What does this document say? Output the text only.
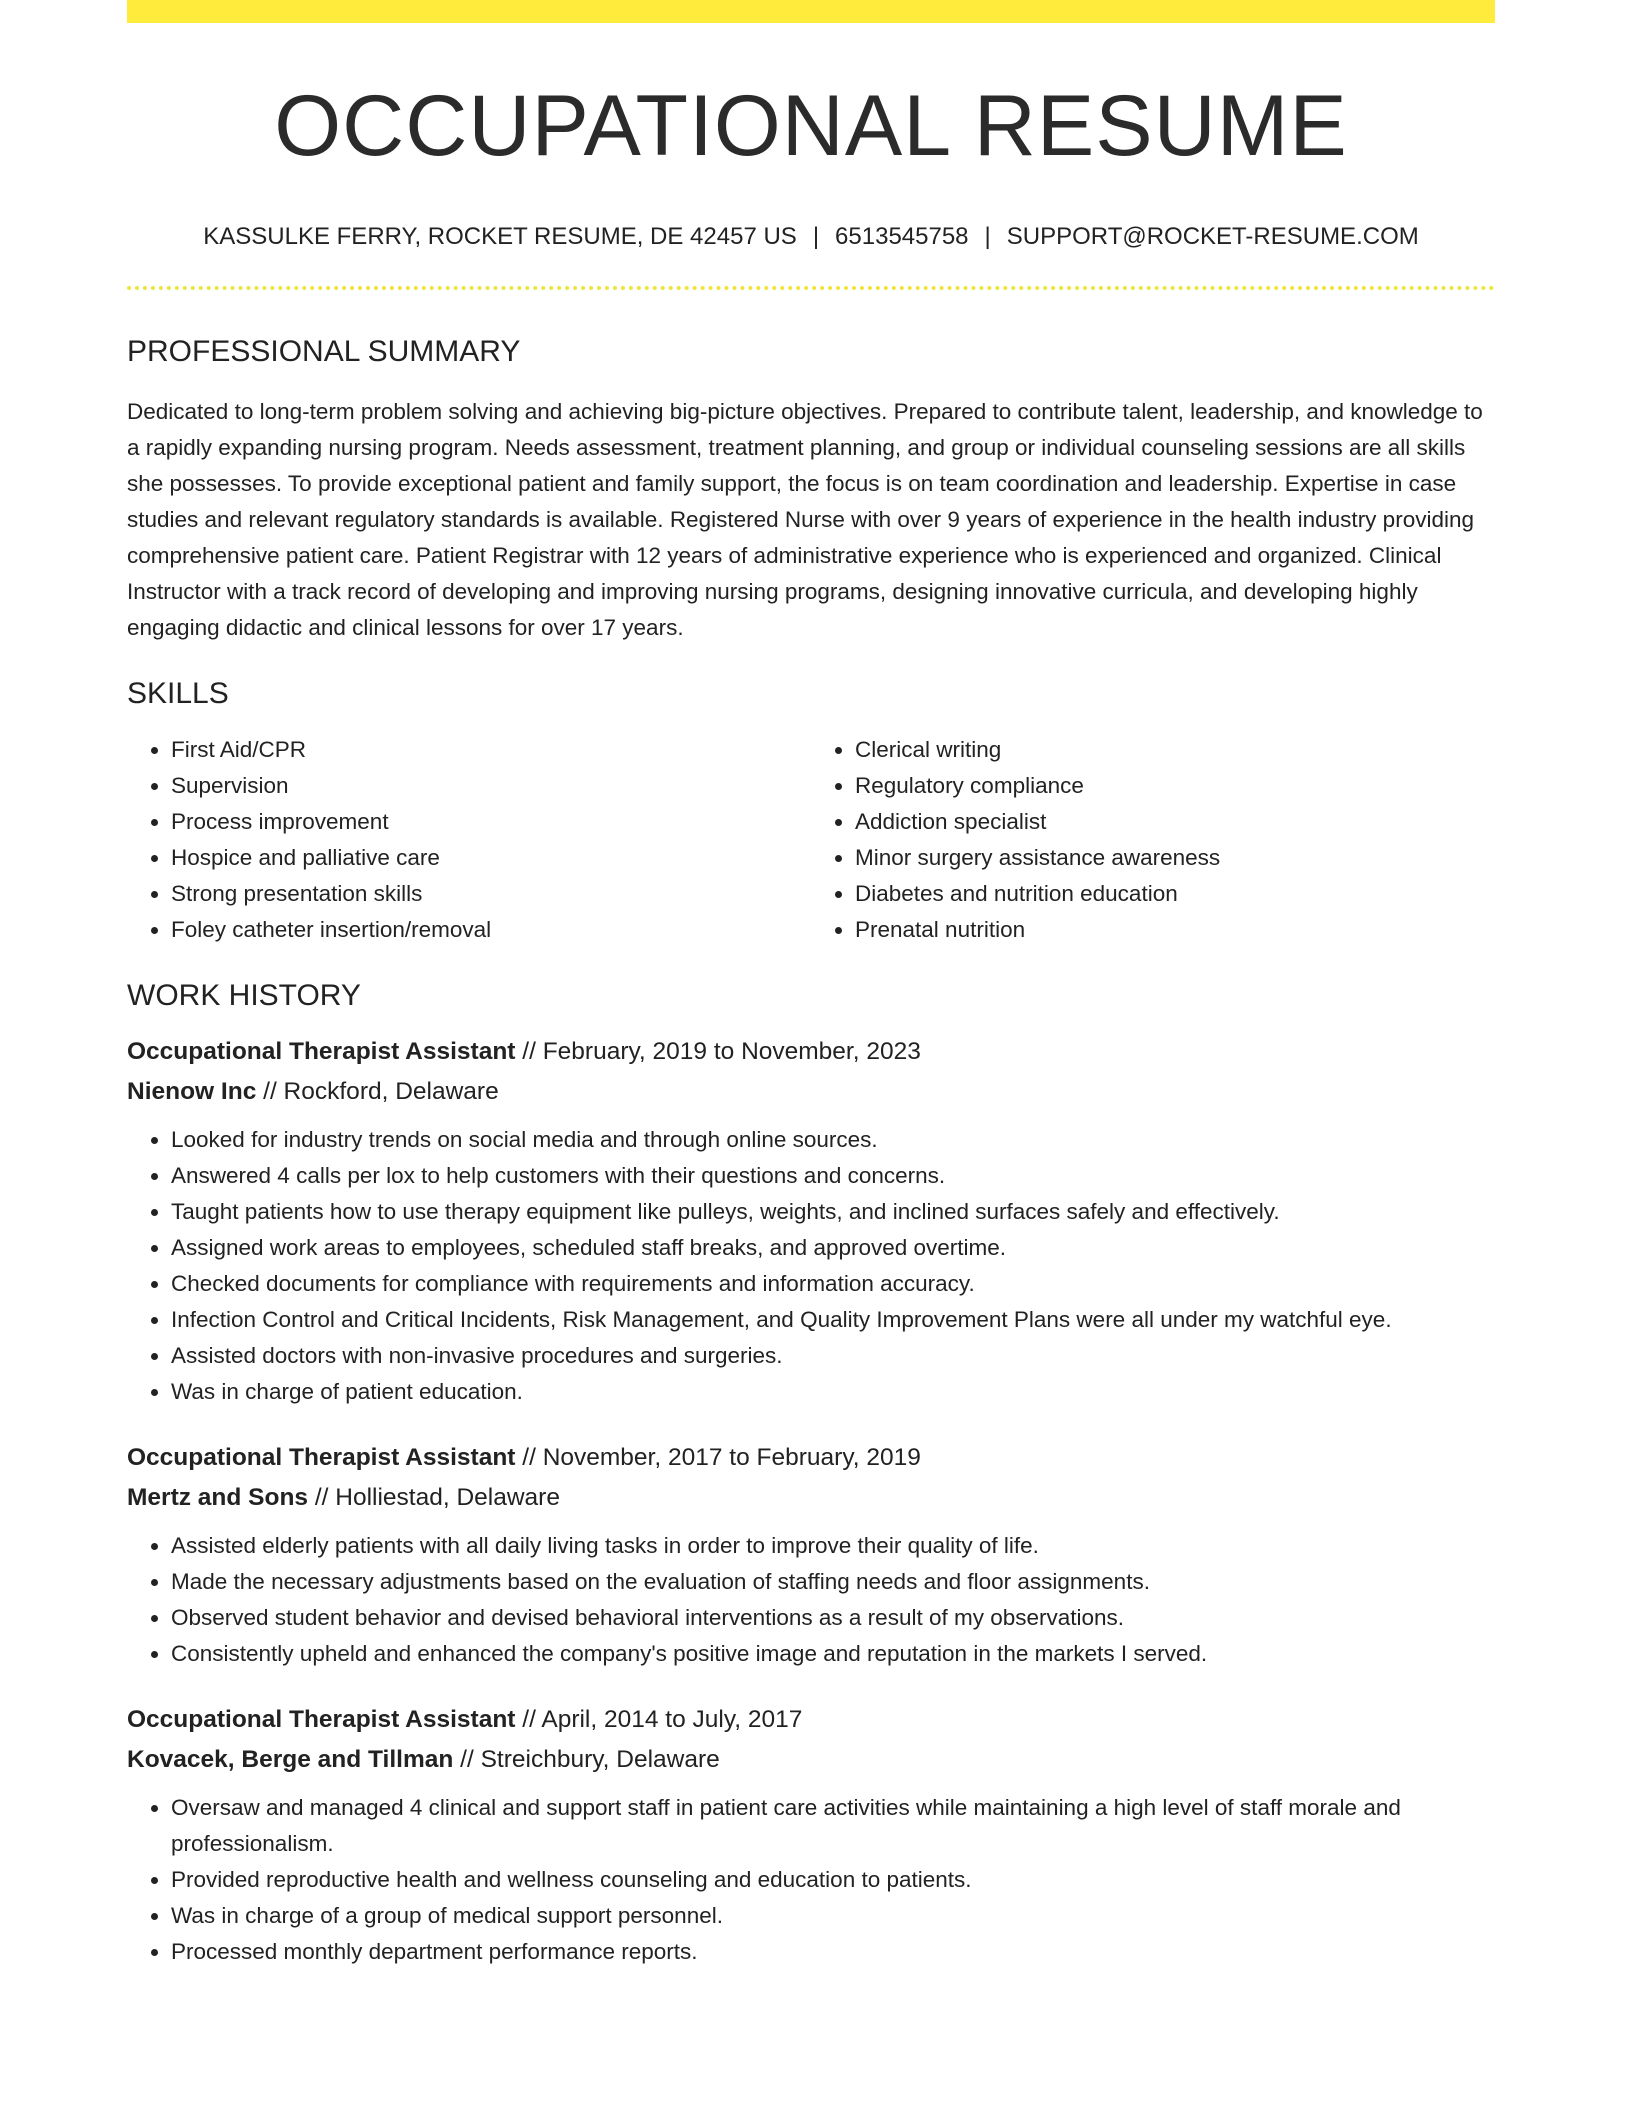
OCCUPATIONAL RESUME
KASSULKE FERRY, ROCKET RESUME, DE 42457 US | 6513545758 | SUPPORT@ROCKET-RESUME.COM
PROFESSIONAL SUMMARY

Dedicated to long-term problem solving and achieving big-picture objectives. Prepared to contribute talent, leadership, and knowledge to a rapidly expanding nursing program. Needs assessment, treatment planning, and group or individual counseling sessions are all skills she possesses. To provide exceptional patient and family support, the focus is on team coordination and leadership. Expertise in case studies and relevant regulatory standards is available. Registered Nurse with over 9 years of experience in the health industry providing comprehensive patient care. Patient Registrar with 12 years of administrative experience who is experienced and organized. Clinical Instructor with a track record of developing and improving nursing programs, designing innovative curricula, and developing highly engaging didactic and clinical lessons for over 17 years.

SKILLS
• First Aid/CPR
• Supervision
• Process improvement
• Hospice and palliative care
• Strong presentation skills
• Foley catheter insertion/removal
• Clerical writing
• Regulatory compliance
• Addiction specialist
• Minor surgery assistance awareness
• Diabetes and nutrition education
• Prenatal nutrition
WORK HISTORY
Occupational Therapist Assistant // February, 2019 to November, 2023
Nienow Inc // Rockford, Delaware
• Looked for industry trends on social media and through online sources.
• Answered 4 calls per lox to help customers with their questions and concerns.
• Taught patients how to use therapy equipment like pulleys, weights, and inclined surfaces safely and effectively.
• Assigned work areas to employees, scheduled staff breaks, and approved overtime.
• Checked documents for compliance with requirements and information accuracy.
• Infection Control and Critical Incidents, Risk Management, and Quality Improvement Plans were all under my watchful eye.
• Assisted doctors with non-invasive procedures and surgeries.
• Was in charge of patient education.
Occupational Therapist Assistant // November, 2017 to February, 2019
Mertz and Sons // Holliestad, Delaware
• Assisted elderly patients with all daily living tasks in order to improve their quality of life.
• Made the necessary adjustments based on the evaluation of staffing needs and floor assignments.
• Observed student behavior and devised behavioral interventions as a result of my observations.
• Consistently upheld and enhanced the company's positive image and reputation in the markets I served.
Occupational Therapist Assistant // April, 2014 to July, 2017
Kovacek, Berge and Tillman // Streichbury, Delaware
• Oversaw and managed 4 clinical and support staff in patient care activities while maintaining a high level of staff morale and professionalism.
• Provided reproductive health and wellness counseling and education to patients.
• Was in charge of a group of medical support personnel.
• Processed monthly department performance reports.
